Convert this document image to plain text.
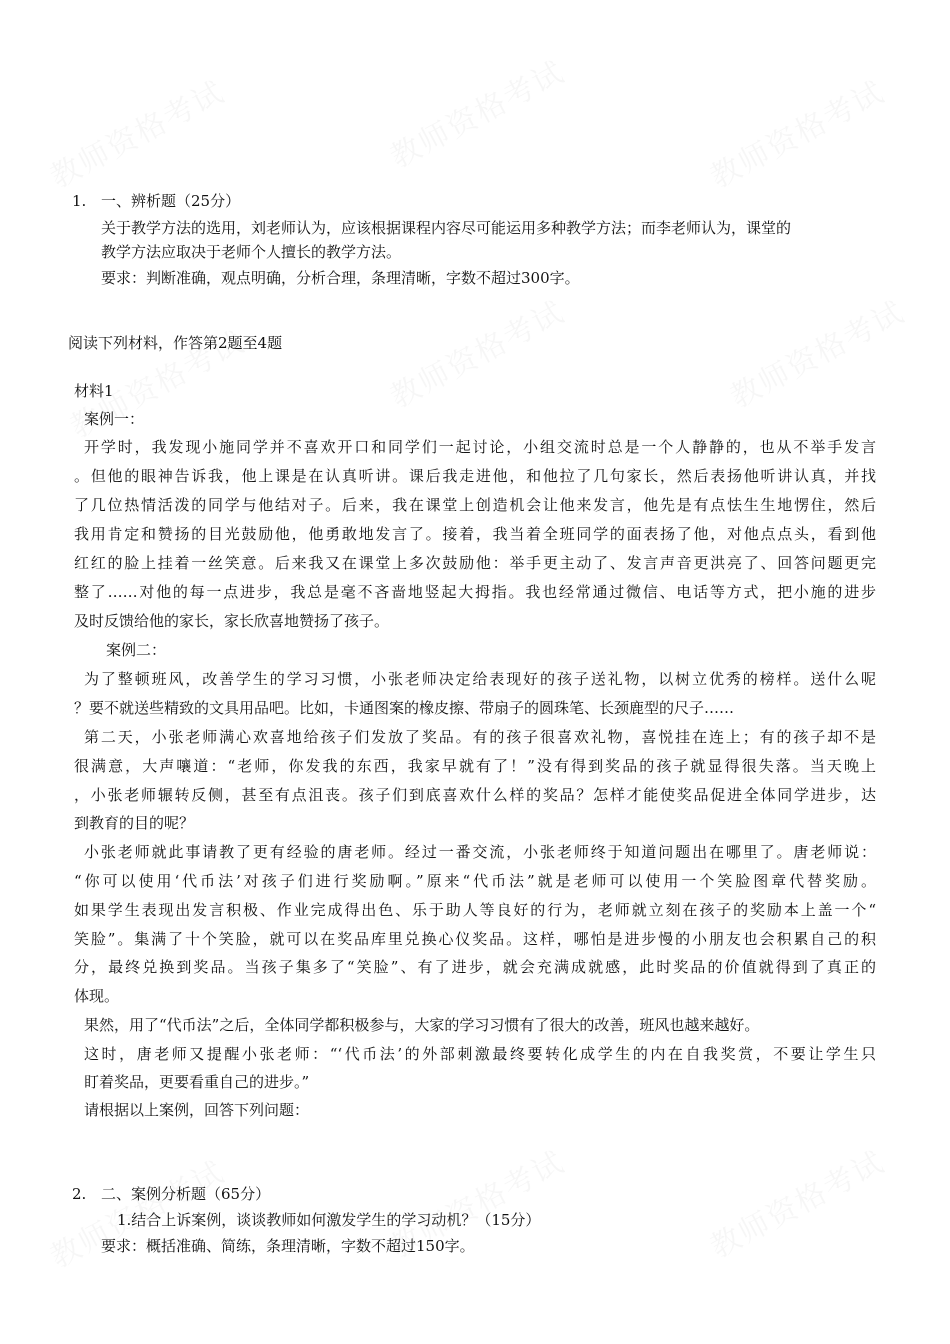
1. 一、辨析题（25分）
关于教学方法的选用，刘老师认为，应该根据课程内容尽可能运用多种教学方法；而李老师认为，课堂的
教学方法应取决于老师个人擅长的教学方法。
要求：判断准确，观点明确，分析合理，条理清晰，字数不超过300字。
阅读下列材料，作答第2题至4题
材料1
案例一：
开学时，我发现小施同学并不喜欢开口和同学们一起讨论，小组交流时总是一个人静静的，也从不举手发言
。但他的眼神告诉我，他上课是在认真听讲。课后我走进他，和他拉了几句家长，然后表扬他听讲认真，并找
了几位热情活泼的同学与他结对子。后来，我在课堂上创造机会让他来发言，他先是有点怯生生地愣住，然后
我用肯定和赞扬的目光鼓励他，他勇敢地发言了。接着，我当着全班同学的面表扬了他，对他点点头，看到他
红红的脸上挂着一丝笑意。后来我又在课堂上多次鼓励他：举手更主动了、发言声音更洪亮了、回答问题更完
整了……对他的每一点进步，我总是毫不吝啬地竖起大拇指。我也经常通过微信、电话等方式，把小施的进步
及时反馈给他的家长，家长欣喜地赞扬了孩子。
案例二：
为了整顿班风，改善学生的学习习惯，小张老师决定给表现好的孩子送礼物，以树立优秀的榜样。送什么呢
？要不就送些精致的文具用品吧。比如，卡通图案的橡皮擦、带扇子的圆珠笔、长颈鹿型的尺子……
第二天，小张老师满心欢喜地给孩子们发放了奖品。有的孩子很喜欢礼物，喜悦挂在连上；有的孩子却不是
很满意，大声嚷道：“老师，你发我的东西，我家早就有了！”没有得到奖品的孩子就显得很失落。当天晚上
，小张老师辗转反侧，甚至有点沮丧。孩子们到底喜欢什么样的奖品？怎样才能使奖品促进全体同学进步，达
到教育的目的呢？
小张老师就此事请教了更有经验的唐老师。经过一番交流，小张老师终于知道问题出在哪里了。唐老师说：
“你可以使用‘代币法’对孩子们进行奖励啊。”原来“代币法”就是老师可以使用一个笑脸图章代替奖励。
如果学生表现出发言积极、作业完成得出色、乐于助人等良好的行为，老师就立刻在孩子的奖励本上盖一个“
笑脸”。集满了十个笑脸，就可以在奖品库里兑换心仪奖品。这样，哪怕是进步慢的小朋友也会积累自己的积
分，最终兑换到奖品。当孩子集多了“笑脸”、有了进步，就会充满成就感，此时奖品的价值就得到了真正的
体现。
果然，用了“代币法”之后，全体同学都积极参与，大家的学习习惯有了很大的改善，班风也越来越好。
这时，唐老师又提醒小张老师：“‘代币法’的外部刺激最终要转化成学生的内在自我奖赏，不要让学生只
盯着奖品，更要看重自己的进步。”
请根据以上案例，回答下列问题：
2. 二、案例分析题（65分）
1.结合上诉案例，谈谈教师如何激发学生的学习动机？（15分）
要求：概括准确、简练，条理清晰，字数不超过150字。
